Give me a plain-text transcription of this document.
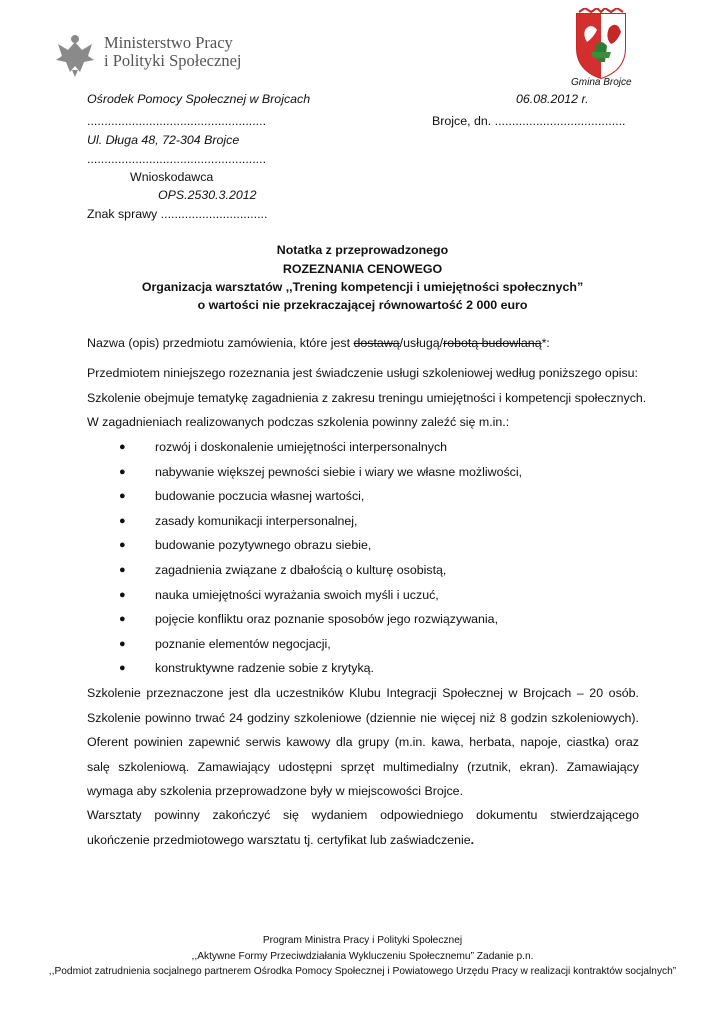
Ministerstwo Pracy
i Polityki Społecznej
Gmina Brojce
Ośrodek Pomocy Społecznej w Brojcach	06.08.2012 r.
....................................................	Brojce, dn. ......................................
Ul. Długa 48, 72-304 Brojce
....................................................
Wnioskodawca
OPS.2530.3.2012
Znak sprawy ...............................
Notatka z przeprowadzonego
ROZEZNANIA CENOWEGO
Organizacja warsztatów ,,Trening kompetencji i umiejętności społecznych”
o wartości nie przekraczającej równowartość 2 000 euro
Nazwa (opis) przedmiotu zamówienia, które jest dostawą/usługą/robotą budowlaną*:
Przedmiotem niniejszego rozeznania jest świadczenie usługi szkoleniowej według poniższego opisu:
Szkolenie obejmuje tematykę zagadnienia z zakresu treningu umiejętności i kompetencji społecznych.
W zagadnieniach realizowanych podczas szkolenia powinny zaleźć się m.in.:
● rozwój i doskonalenie umiejętności interpersonalnych
● nabywanie większej pewności siebie i wiary we własne możliwości,
● budowanie poczucia własnej wartości,
● zasady komunikacji interpersonalnej,
● budowanie pozytywnego obrazu siebie,
● zagadnienia związane z dbałością o kulturę osobistą,
● nauka umiejętności wyrażania swoich myśli i uczuć,
● pojęcie konfliktu oraz poznanie sposobów jego rozwiązywania,
● poznanie elementów negocjacji,
● konstruktywne radzenie sobie z krytyką.
Szkolenie przeznaczone jest dla uczestników Klubu Integracji Społecznej w Brojcach – 20 osób. Szkolenie powinno trwać 24 godziny szkoleniowe (dziennie nie więcej niż 8 godzin szkoleniowych). Oferent powinien zapewnić serwis kawowy dla grupy (m.in. kawa, herbata, napoje, ciastka) oraz salę szkoleniową. Zamawiający udostępni sprzęt multimedialny (rzutnik, ekran). Zamawiający wymaga aby szkolenia przeprowadzone były w miejscowości Brojce.
Warsztaty powinny zakończyć się wydaniem odpowiedniego dokumentu stwierdzającego ukończenie przedmiotowego warsztatu tj. certyfikat lub zaświadczenie.
Program Ministra Pracy i Polityki Społecznej
,,Aktywne Formy Przeciwdziałania Wykluczeniu Społecznemu” Zadanie p.n.
,,Podmiot zatrudnienia socjalnego partnerem Ośrodka Pomocy Społecznej i Powiatowego Urzędu Pracy w realizacji kontraktów socjalnych”
